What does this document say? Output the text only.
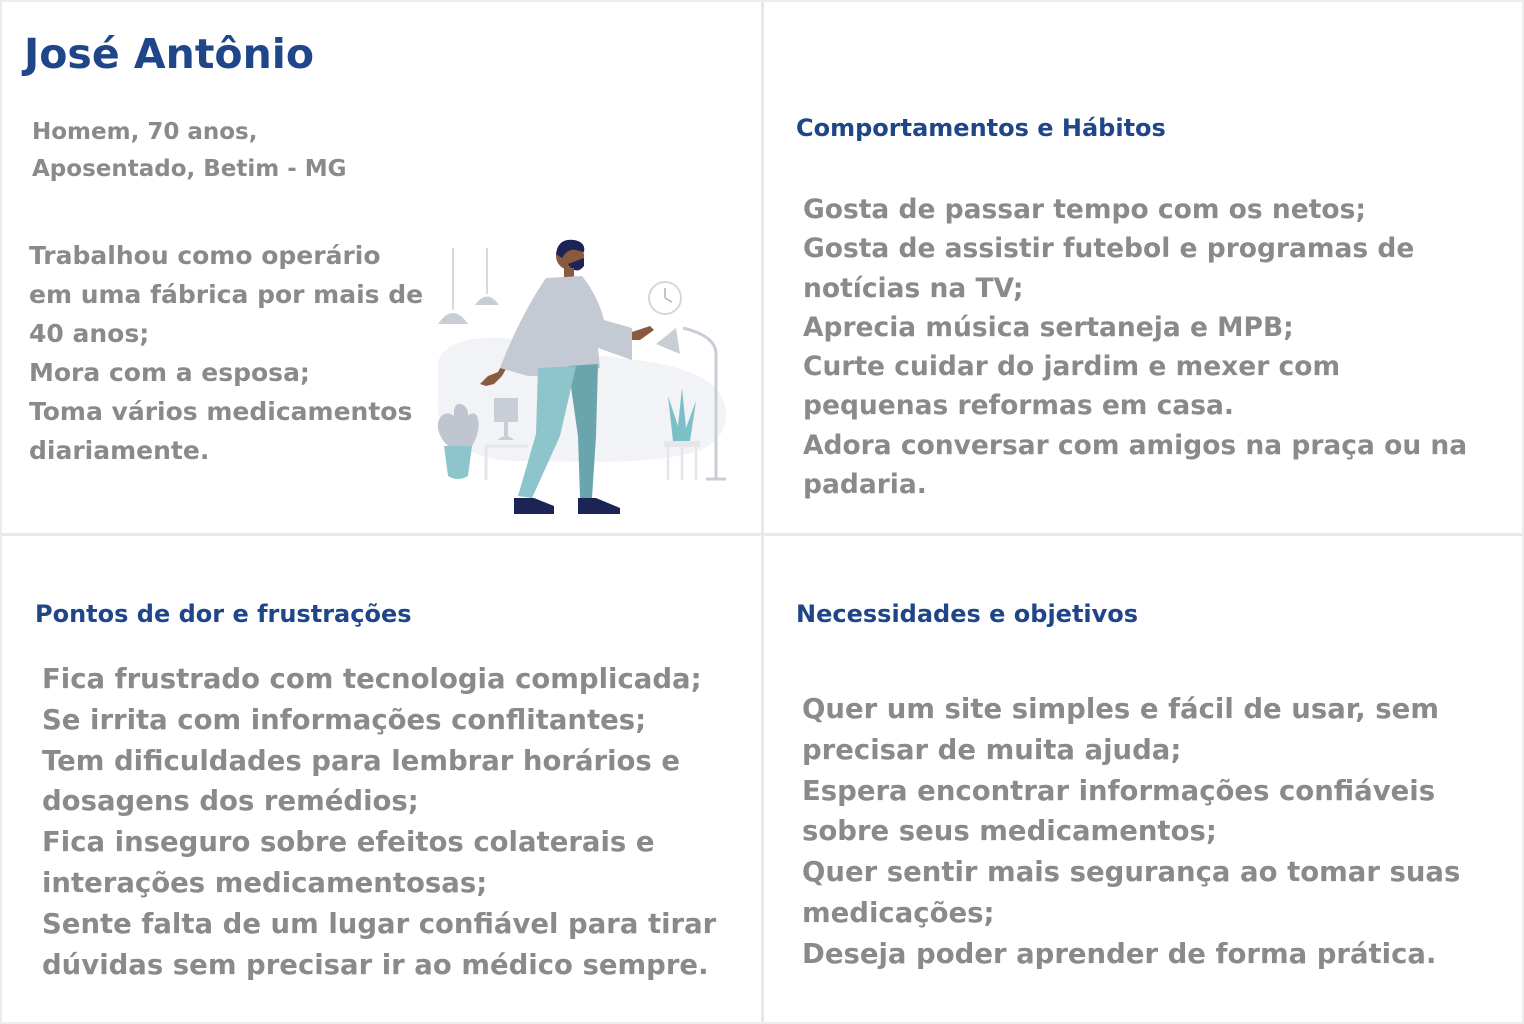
José Antônio
Homem, 70 anos,
Aposentado, Betim - MG
Trabalhou como operário em uma fábrica por mais de 40 anos;
Mora com a esposa;
Toma vários medicamentos diariamente.
Comportamentos e Hábitos
Gosta de passar tempo com os netos;
Gosta de assistir futebol e programas de notícias na TV;
Aprecia música sertaneja e MPB;
Curte cuidar do jardim e mexer com pequenas reformas em casa.
Adora conversar com amigos na praça ou na padaria.
Pontos de dor e frustrações
Fica frustrado com tecnologia complicada;
Se irrita com informações conflitantes;
Tem dificuldades para lembrar horários e dosagens dos remédios;
Fica inseguro sobre efeitos colaterais e interações medicamentosas;
Sente falta de um lugar confiável para tirar dúvidas sem precisar ir ao médico sempre.
Necessidades e objetivos
Quer um site simples e fácil de usar, sem precisar de muita ajuda;
Espera encontrar informações confiáveis sobre seus medicamentos;
Quer sentir mais segurança ao tomar suas medicações;
Deseja poder aprender de forma prática.
